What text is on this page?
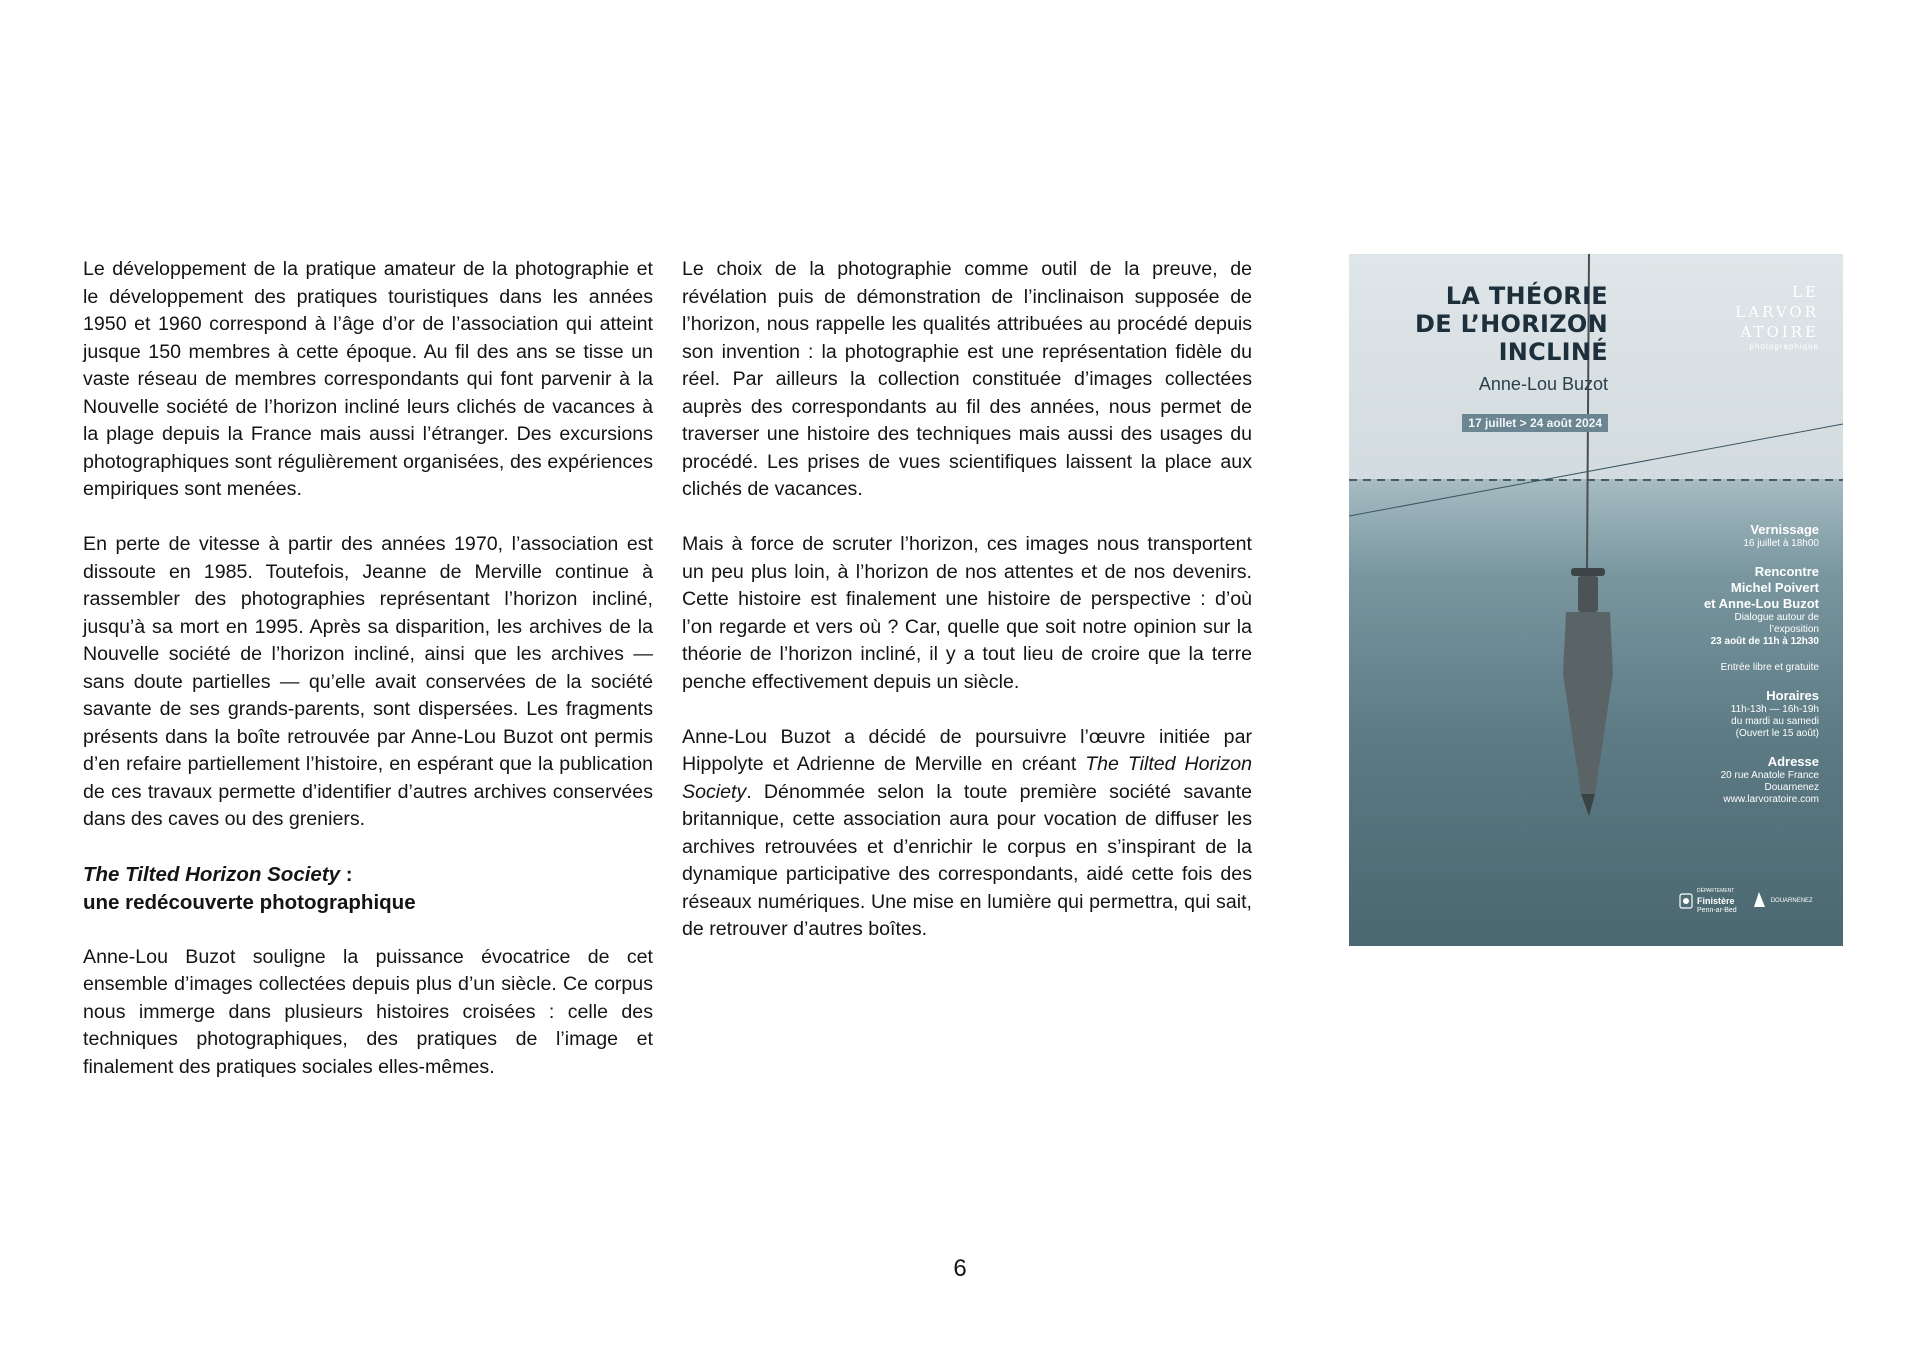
Le développement de la pratique amateur de la photographie et le développement des pratiques touristiques dans les années 1950 et 1960 correspond à l’âge d’or de l’association qui atteint jusque 150 membres à cette époque. Au fil des ans se tisse un vaste réseau de membres correspondants qui font parvenir à la Nouvelle société de l’horizon incliné leurs clichés de vacances à la plage depuis la France mais aussi l’étranger. Des excursions photographiques sont régulièrement organisées, des expériences empiriques sont menées.

En perte de vitesse à partir des années 1970, l’association est dissoute en 1985. Toutefois, Jeanne de Merville continue à rassembler des photographies représentant l’horizon incliné, jusqu’à sa mort en 1995. Après sa disparition, les archives de la Nouvelle société de l’horizon incliné, ainsi que les archives — sans doute partielles — qu’elle avait conservées de la société savante de ses grands-parents, sont dispersées. Les fragments présents dans la boîte retrouvée par Anne-Lou Buzot ont permis d’en refaire partiellement l’histoire, en espérant que la publication de ces travaux permette d’identifier d’autres archives conservées dans des caves ou des greniers.

The Tilted Horizon Society :
une redécouverte photographique

Anne-Lou Buzot souligne la puissance évocatrice de cet ensemble d’images collectées depuis plus d’un siècle. Ce corpus nous immerge dans plusieurs histoires croisées : celle des techniques photographiques, des pratiques de l’image et finalement des pratiques sociales elles-mêmes.

Le choix de la photographie comme outil de la preuve, de révélation puis de démonstration de l’inclinaison supposée de l’horizon, nous rappelle les qualités attribuées au procédé depuis son invention : la photographie est une représentation fidèle du réel. Par ailleurs la collection constituée d’images collectées auprès des correspondants au fil des années, nous permet de traverser une histoire des techniques mais aussi des usages du procédé. Les prises de vues scientifiques laissent la place aux clichés de vacances.

Mais à force de scruter l’horizon, ces images nous transportent un peu plus loin, à l’horizon de nos attentes et de nos devenirs. Cette histoire est finalement une histoire de perspective : d’où l’on regarde et vers où ? Car, quelle que soit notre opinion sur la théorie de l’horizon incliné, il y a tout lieu de croire que la terre penche effectivement depuis un siècle.

Anne-Lou Buzot a décidé de poursuivre l’œuvre initiée par Hippolyte et Adrienne de Merville en créant The Tilted Horizon Society. Dénommée selon la toute première société savante britannique, cette association aura pour vocation de diffuser les archives retrouvées et d’enrichir le corpus en s’inspirant de la dynamique participative des correspondants, aidé cette fois des réseaux numériques. Une mise en lumière qui permettra, qui sait, de retrouver d’autres boîtes.

LA THÉORIE
DE L’HORIZON
INCLINÉ
Anne-Lou Buzot
17 juillet > 24 août 2024
LE
LARVOR
ATOIRE
photographique
Vernissage
16 juillet à 18h00
Rencontre
Michel Poivert
et Anne-Lou Buzot
Dialogue autour de
l’exposition
23 août de 11h à 12h30
Entrée libre et gratuite
Horaires
11h-13h — 16h-19h
du mardi au samedi
(Ouvert le 15 août)
Adresse
20 rue Anatole France
Douarnenez
www.larvoratoire.com
DÉPARTEMENT
Finistère
Penn-ar-Bed
DOUARNENEZ
6
